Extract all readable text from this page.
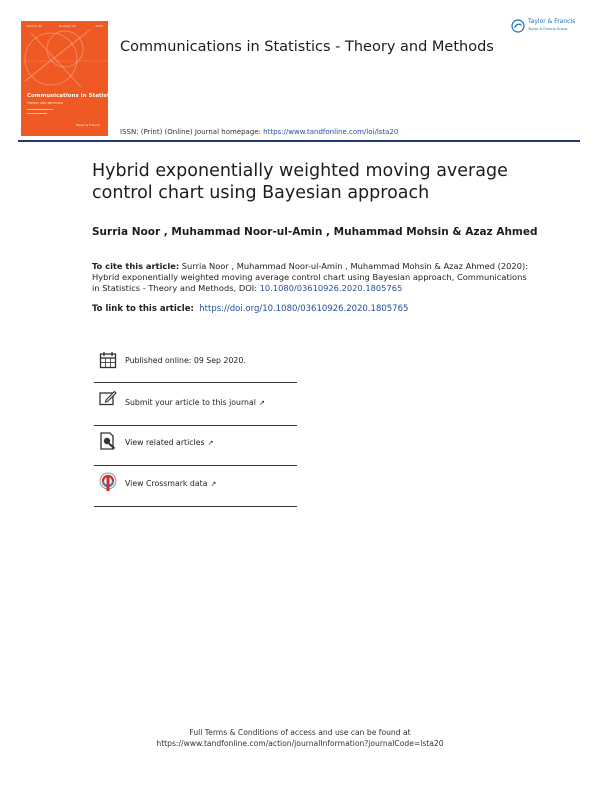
Volume 49	Number 20	2020
Communications in Statistics
THEORY AND METHODS
Taylor & Francis
Communications in Statistics - Theory and Methods
ISSN: (Print) (Online) Journal homepage: https://www.tandfonline.com/loi/lsta20
Taylor & Francis
Taylor & Francis Group
Hybrid exponentially weighted moving average control chart using Bayesian approach
Surria Noor , Muhammad Noor-ul-Amin , Muhammad Mohsin & Azaz Ahmed
To cite this article: Surria Noor , Muhammad Noor-ul-Amin , Muhammad Mohsin & Azaz Ahmed (2020): Hybrid exponentially weighted moving average control chart using Bayesian approach, Communications in Statistics - Theory and Methods, DOI: 10.1080/03610926.2020.1805765
To link to this article: https://doi.org/10.1080/03610926.2020.1805765
Published online: 09 Sep 2020.
Submit your article to this journal ↗
View related articles ↗
View Crossmark data ↗
Full Terms & Conditions of access and use can be found at
https://www.tandfonline.com/action/journalInformation?journalCode=lsta20
